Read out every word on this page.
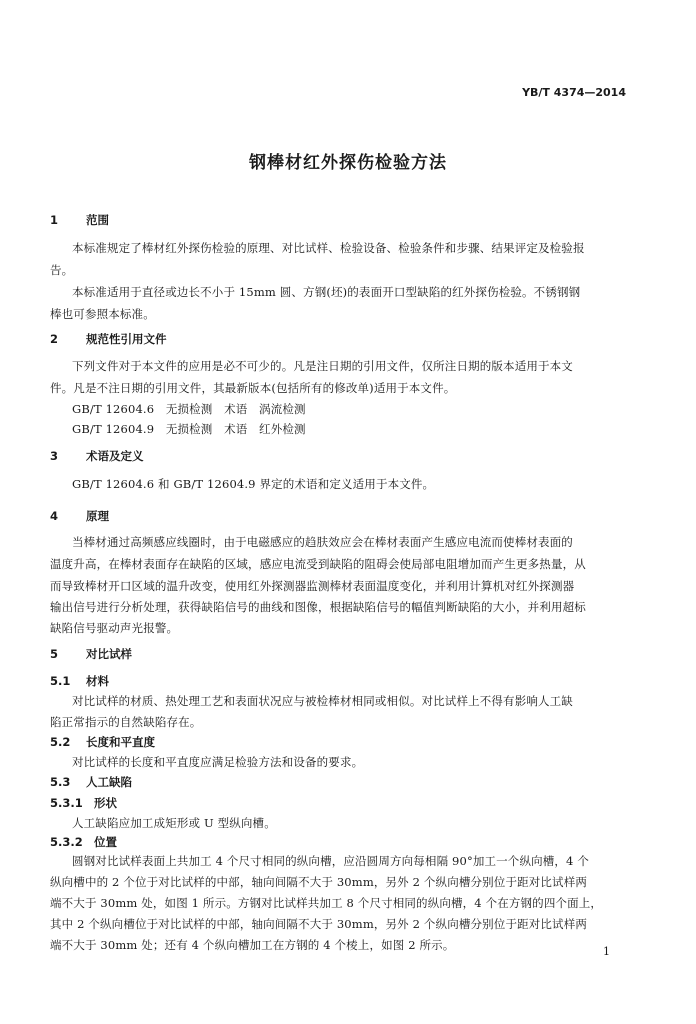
YB/T 4374—2014
钢棒材红外探伤检验方法
1 范围
本标准规定了棒材红外探伤检验的原理、对比试样、检验设备、检验条件和步骤、结果评定及检验报
告。
本标准适用于直径或边长不小于 15mm 圆、方钢(坯)的表面开口型缺陷的红外探伤检验。不锈钢钢
棒也可参照本标准。
2 规范性引用文件
下列文件对于本文件的应用是必不可少的。凡是注日期的引用文件，仅所注日期的版本适用于本文
件。凡是不注日期的引用文件，其最新版本(包括所有的修改单)适用于本文件。
GB/T 12604.6　无损检测　术语　涡流检测
GB/T 12604.9　无损检测　术语　红外检测
3 术语及定义
GB/T 12604.6 和 GB/T 12604.9 界定的术语和定义适用于本文件。
4 原理
当棒材通过高频感应线圈时，由于电磁感应的趋肤效应会在棒材表面产生感应电流而使棒材表面的
温度升高，在棒材表面存在缺陷的区域，感应电流受到缺陷的阻碍会使局部电阻增加而产生更多热量，从
而导致棒材开口区域的温升改变，使用红外探测器监测棒材表面温度变化，并利用计算机对红外探测器
输出信号进行分析处理，获得缺陷信号的曲线和图像，根据缺陷信号的幅值判断缺陷的大小，并利用超标
缺陷信号驱动声光报警。
5 对比试样
5.1 材料
对比试样的材质、热处理工艺和表面状况应与被检棒材相同或相似。对比试样上不得有影响人工缺
陷正常指示的自然缺陷存在。
5.2 长度和平直度
对比试样的长度和平直度应满足检验方法和设备的要求。
5.3 人工缺陷
5.3.1 形状
人工缺陷应加工成矩形或 U 型纵向槽。
5.3.2 位置
圆钢对比试样表面上共加工 4 个尺寸相同的纵向槽，应沿圆周方向每相隔 90°加工一个纵向槽，4 个
纵向槽中的 2 个位于对比试样的中部，轴向间隔不大于 30mm，另外 2 个纵向槽分别位于距对比试样两
端不大于 30mm 处，如图 1 所示。方钢对比试样共加工 8 个尺寸相同的纵向槽，4 个在方钢的四个面上，
其中 2 个纵向槽位于对比试样的中部，轴向间隔不大于 30mm，另外 2 个纵向槽分别位于距对比试样两
端不大于 30mm 处；还有 4 个纵向槽加工在方钢的 4 个棱上，如图 2 所示。	1
